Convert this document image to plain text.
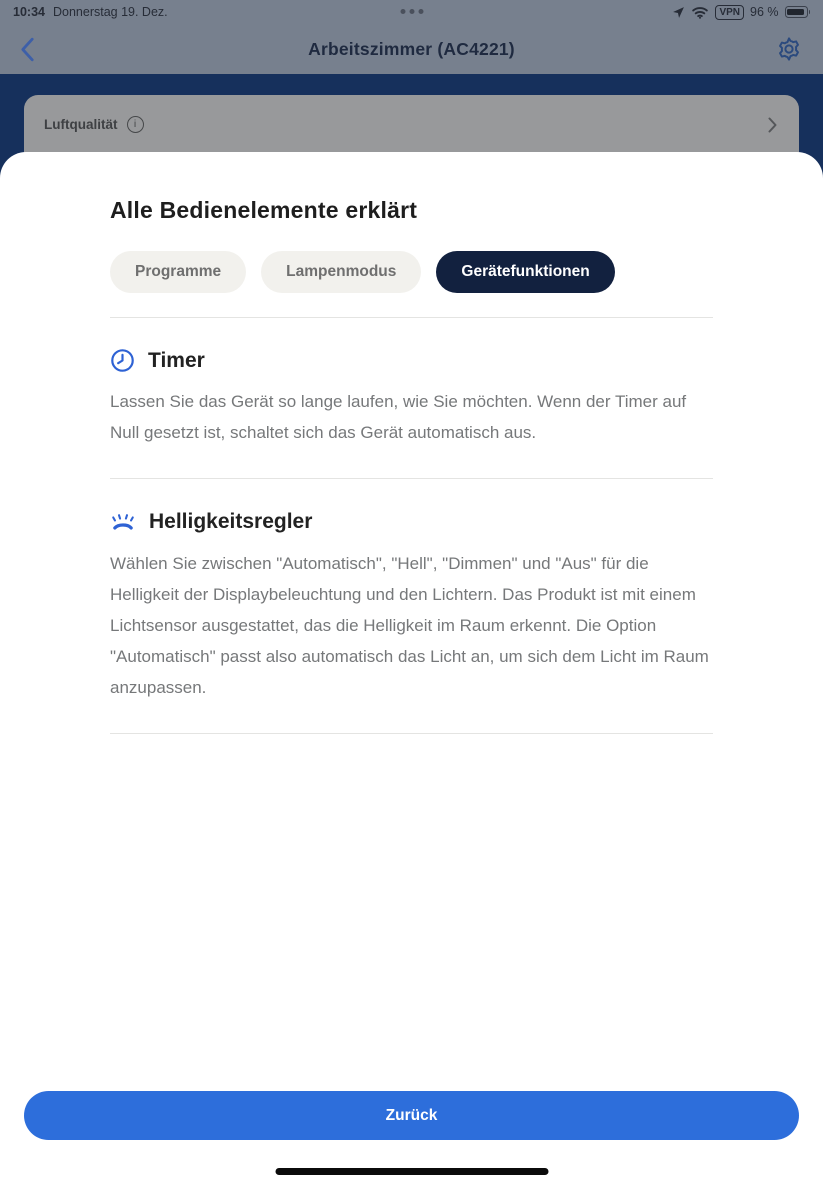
10:34 Donnerstag 19. Dez.	VPN 96 %
Arbeitszimmer (AC4221)
Luftqualität	i
Alle Bedienelemente erklärt
Programme	Lampenmodus	Gerätefunktionen
Timer

Lassen Sie das Gerät so lange laufen, wie Sie möchten. Wenn der Timer auf Null gesetzt ist, schaltet sich das Gerät automatisch aus.

Helligkeitsregler

Wählen Sie zwischen "Automatisch", "Hell", "Dimmen" und "Aus" für die Helligkeit der Displaybeleuchtung und den Lichtern. Das Produkt ist mit einem Lichtsensor ausgestattet, das die Helligkeit im Raum erkennt. Die Option "Automatisch" passt also automatisch das Licht an, um sich dem Licht im Raum anzupassen.

Zurück
